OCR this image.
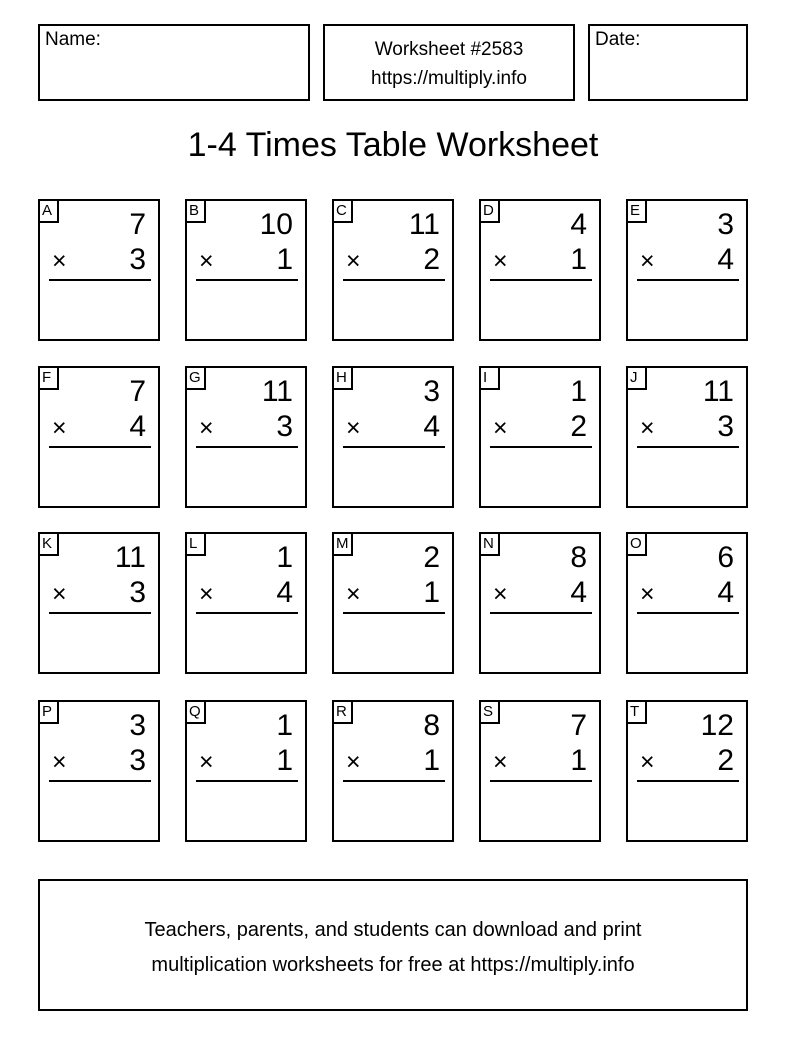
Name:	Worksheet #2583
https://multiply.info
Date:
1-4 Times Table Worksheet
A	7
× 3
B 10
× 1
C 11
× 2
D	4
× 1
E	3
× 4
F	7
× 4
G 11
× 3
H	3
× 4
I	1
× 2
J	11
× 3
K 11
× 3
L	1
× 4
M 2
× 1
N	8
× 4
O	6
× 4
P	3
× 3
Q	1
× 1
R	8
× 1
S	7
× 1
T 12
× 2
Teachers, parents, and students can download and print
multiplication worksheets for free at https://multiply.info
